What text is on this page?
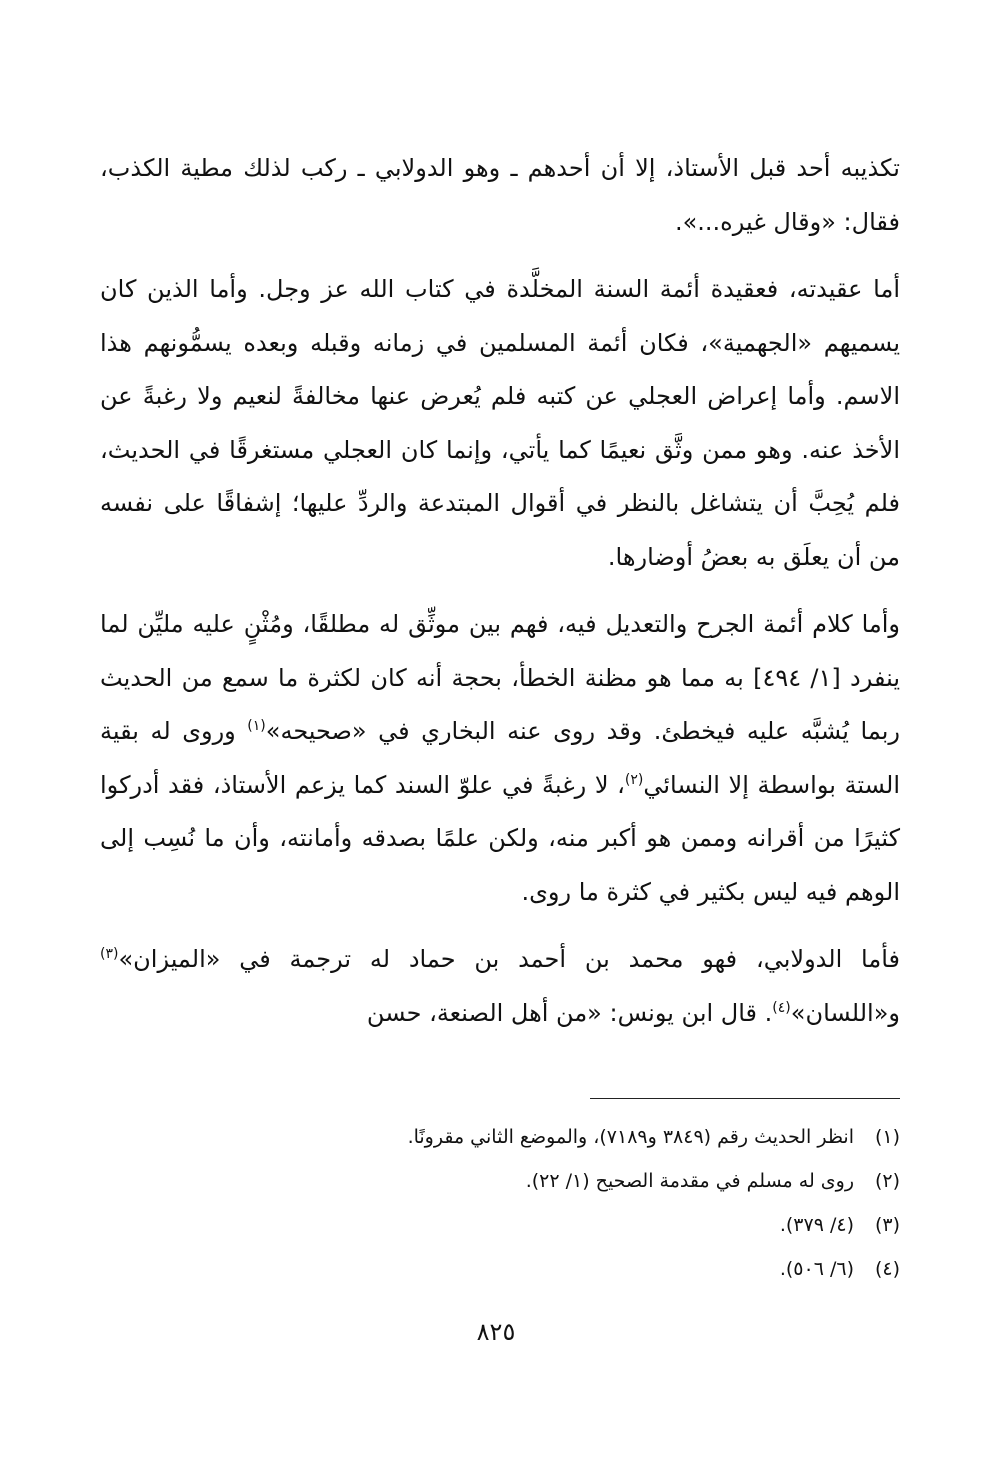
تكذيبه أحد قبل الأستاذ، إلا أن أحدهم ـ وهو الدولابي ـ ركب لذلك مطية الكذب، فقال: «وقال غيره...».

أما عقيدته، فعقيدة أئمة السنة المخلَّدة في كتاب الله عز وجل. وأما الذين كان يسميهم «الجهمية»، فكان أئمة المسلمين في زمانه وقبله وبعده يسمُّونهم هذا الاسم. وأما إعراض العجلي عن كتبه فلم يُعرض عنها مخالفةً لنعيم ولا رغبةً عن الأخذ عنه. وهو ممن وثَّق نعيمًا كما يأتي، وإنما كان العجلي مستغرقًا في الحديث، فلم يُحِبَّ أن يتشاغل بالنظر في أقوال المبتدعة والردِّ عليها؛ إشفاقًا على نفسه من أن يعلَق به بعضُ أوضارها.

وأما كلام أئمة الجرح والتعديل فيه، فهم بين موثِّق له مطلقًا، ومُثْنٍ عليه مليِّن لما ينفرد [١/ ٤٩٤] به مما هو مظنة الخطأ، بحجة أنه كان لكثرة ما سمع من الحديث ربما يُشبَّه عليه فيخطئ. وقد روى عنه البخاري في «صحيحه»$^{(١)}$ وروى له بقية الستة بواسطة إلا النسائي$^{(٢)}$، لا رغبةً في علوّ السند كما يزعم الأستاذ، فقد أدركوا كثيرًا من أقرانه وممن هو أكبر منه، ولكن علمًا بصدقه وأمانته، وأن ما نُسِب إلى الوهم فيه ليس بكثير في كثرة ما روى.

فأما الدولابي، فهو محمد بن أحمد بن حماد له ترجمة في «الميزان»$^{(٣)}$ و«اللسان»$^{(٤)}$. قال ابن يونس: «من أهل الصنعة، حسن

(١)
انظر الحديث رقم (٣٨٤٩ و٧١٨٩)، والموضع الثاني مقرونًا.
(٢)
روى له مسلم في مقدمة الصحيح (١/ ٢٢).
(٣)
(٤/ ٣٧٩).
(٤)
(٦/ ٥٠٦).
٨٢٥
